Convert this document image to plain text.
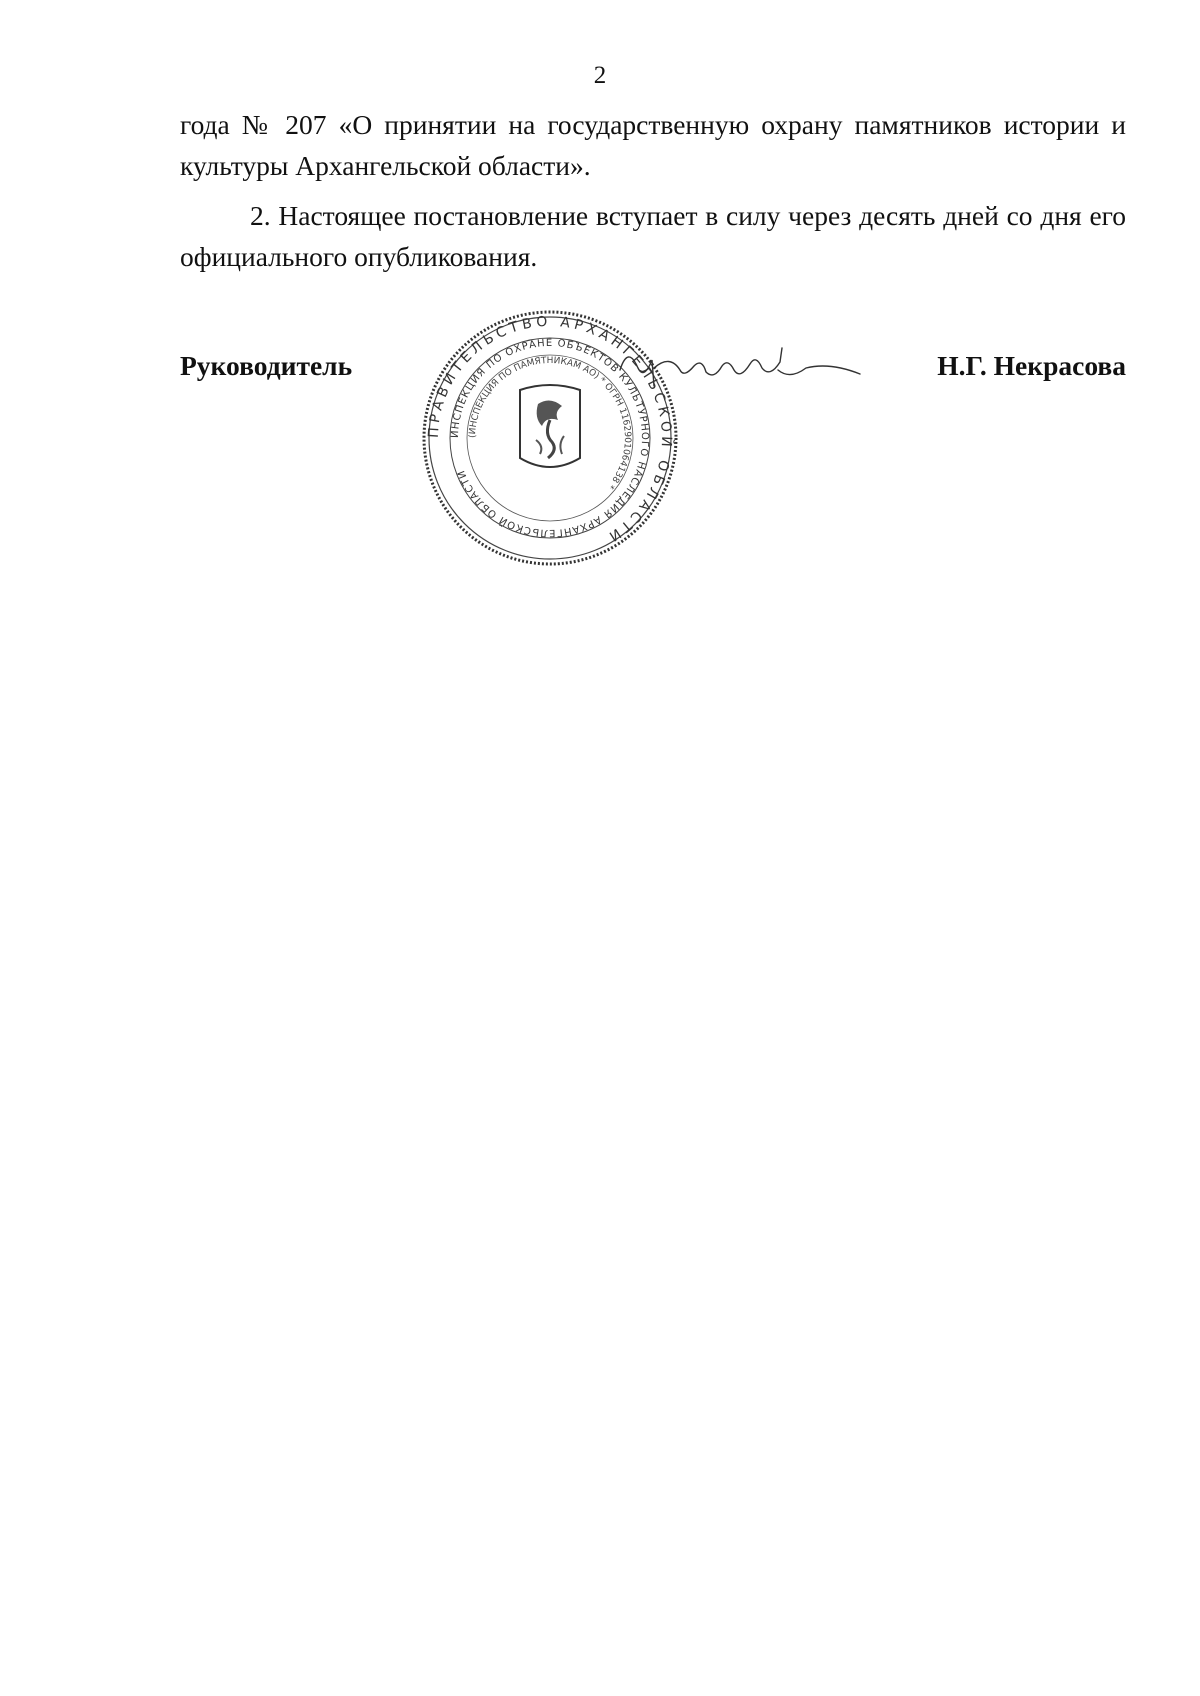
2

года № 207 «О принятии на государственную охрану памятников истории и культуры Архангельской области».

2. Настоящее постановление вступает в силу через десять дней со дня его официального опубликования.

Руководитель
ПРАВИТЕЛЬСТВО АРХАНГЕЛЬСКОЙ ОБЛАСТИ
ИНСПЕКЦИЯ ПО ОХРАНЕ ОБЪЕКТОВ КУЛЬТУРНОГО НАСЛЕДИЯ АРХАНГЕЛЬСКОЙ ОБЛАСТИ
(ИНСПЕКЦИЯ ПО ПАМЯТНИКАМ АО) * ОГРН 1162901064138 *
Н.Г. Некрасова
